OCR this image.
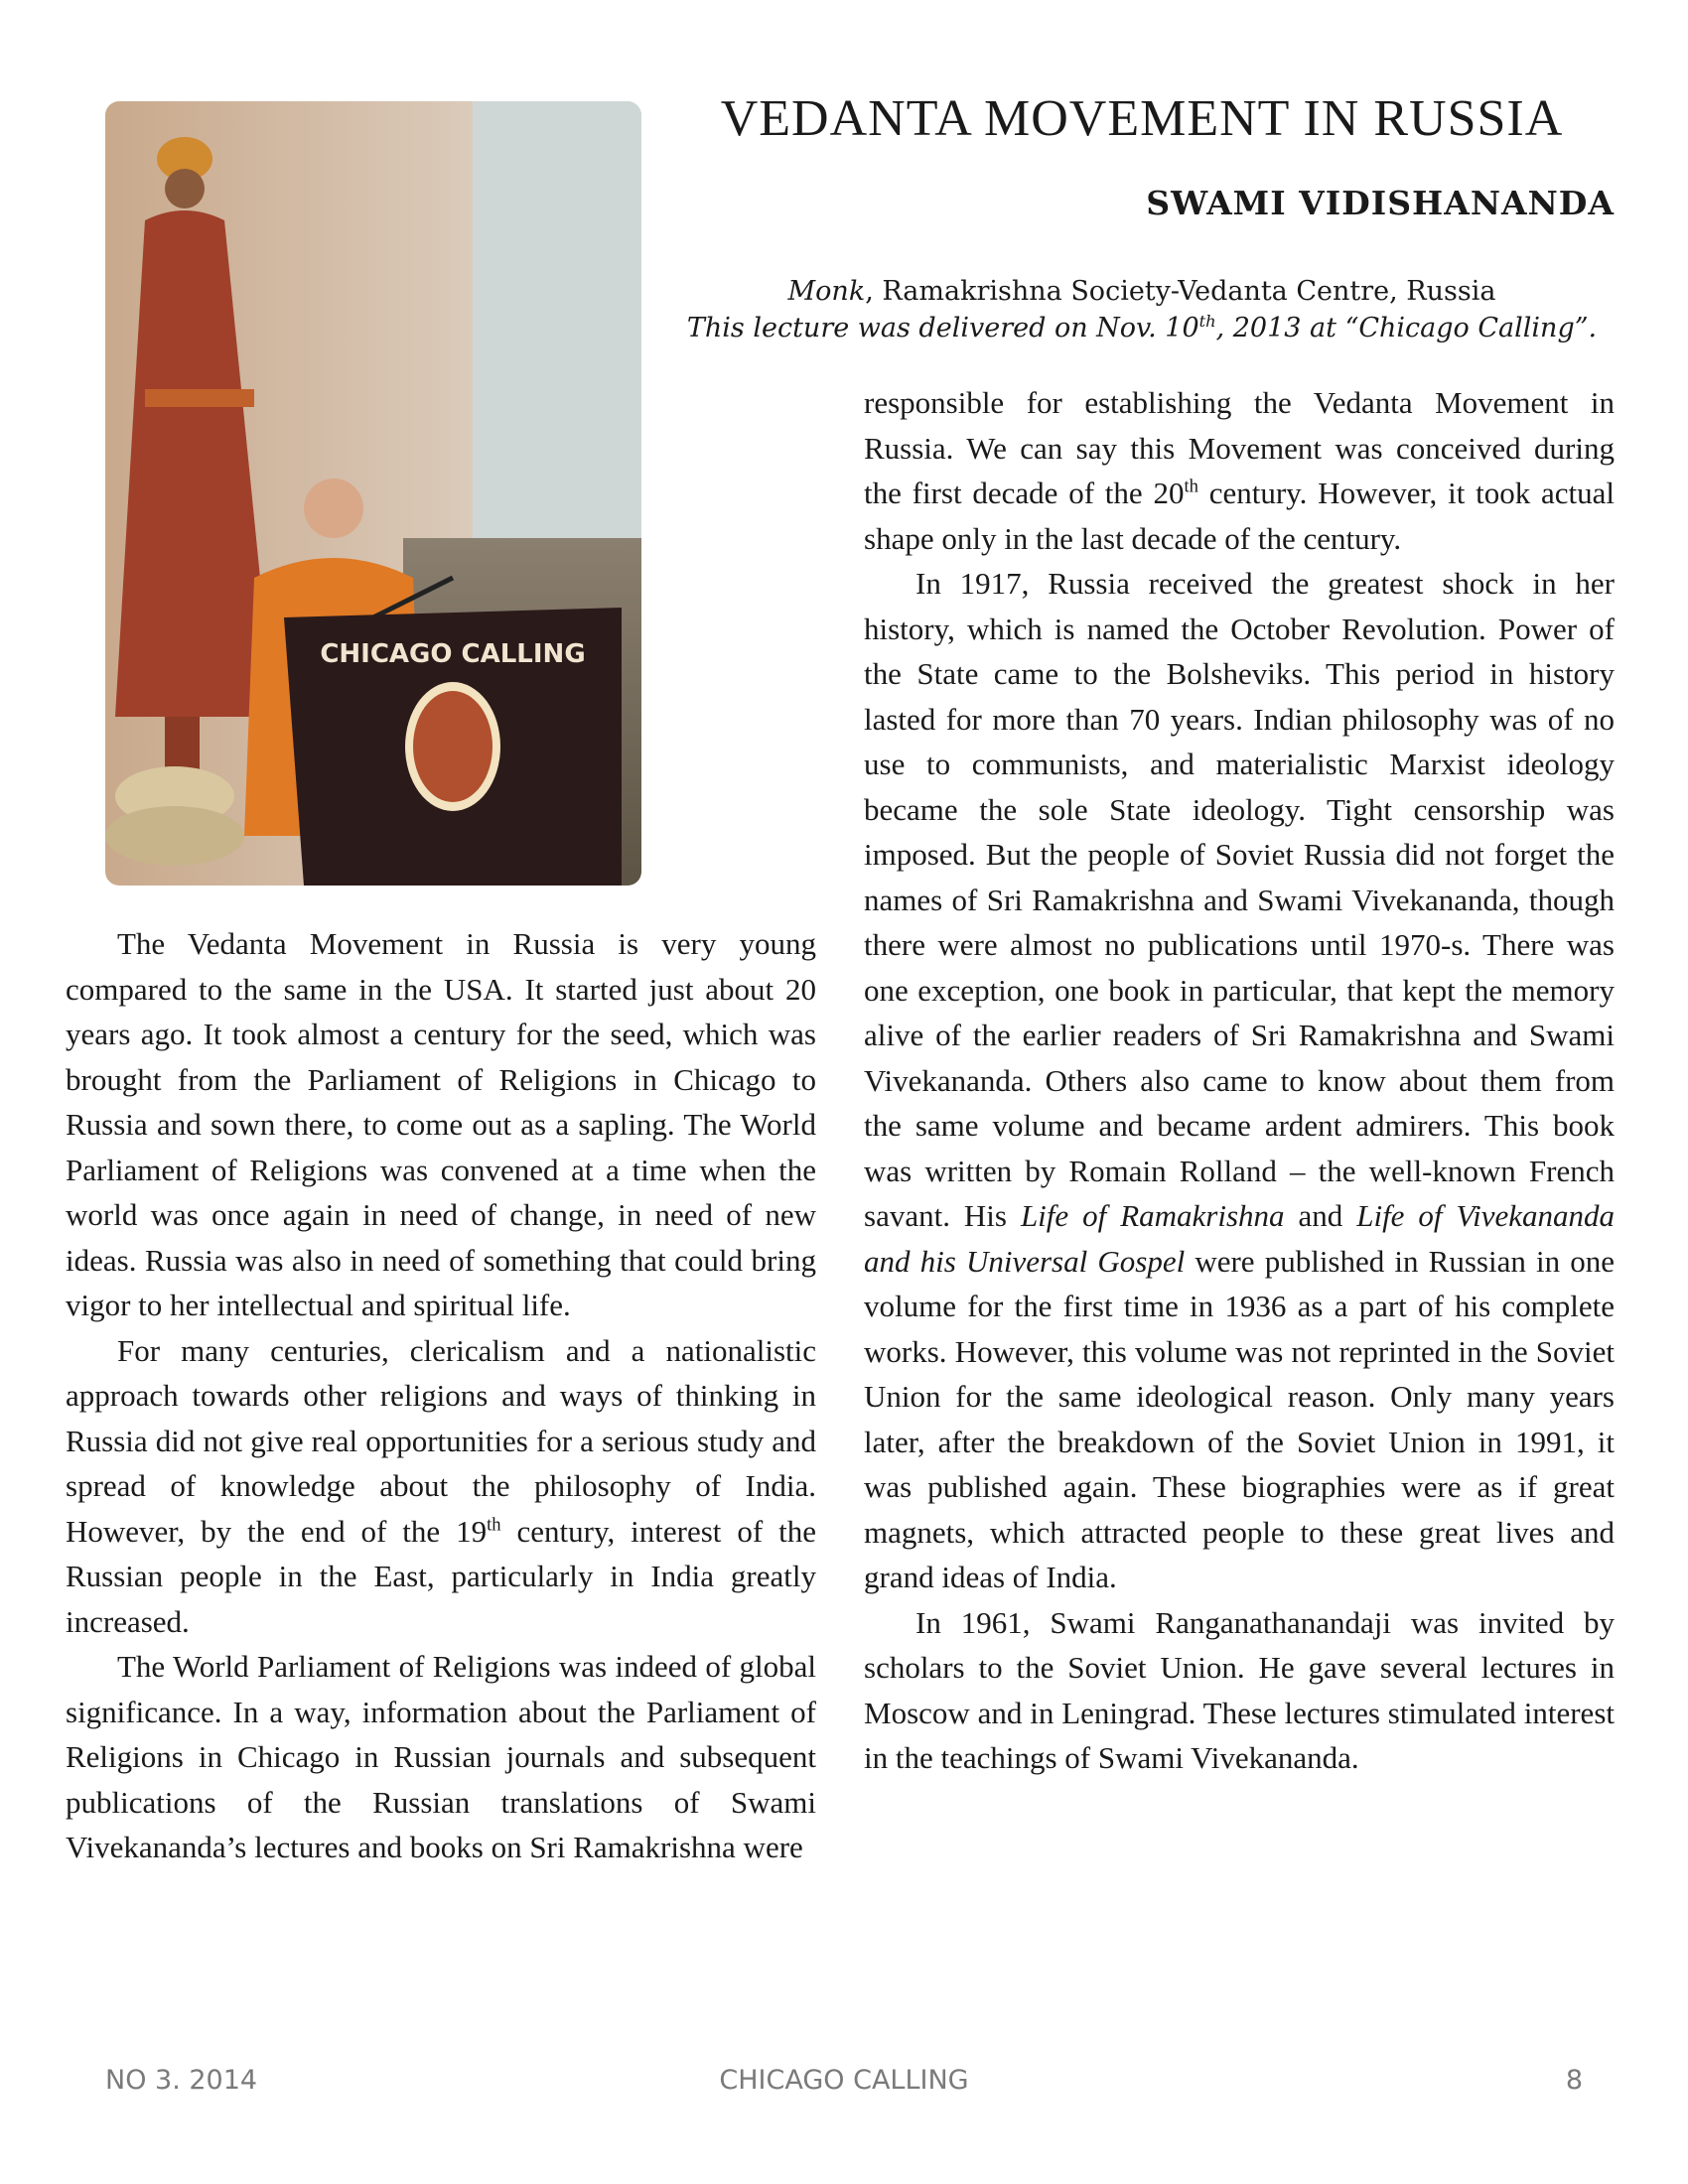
VEDANTA MOVEMENT IN RUSSIA
SWAMI VIDISHANANDA
Monk, Ramakrishna Society-Vedanta Centre, Russia
This lecture was delivered on Nov. 10th, 2013 at “Chicago Calling”.
CHICAGO CALLING

The Vedanta Movement in Russia is very young compared to the same in the USA. It started just about 20 years ago. It took almost a century for the seed, which was brought from the Parliament of Religions in Chicago to Russia and sown there, to come out as a sapling. The World Parliament of Religions was convened at a time when the world was once again in need of change, in need of new ideas. Russia was also in need of something that could bring vigor to her intellectual and spiritual life.

For many centuries, clericalism and a nationalistic approach towards other religions and ways of thinking in Russia did not give real opportunities for a serious study and spread of knowledge about the philosophy of India. However, by the end of the 19th century, interest of the Russian people in the East, particularly in India greatly increased.

The World Parliament of Religions was indeed of global significance. In a way, information about the Parliament of Religions in Chicago in Russian journals and subsequent publications of the Russian translations of Swami Vivekananda’s lectures and books on Sri Ramakrishna were

responsible for establishing the Vedanta Movement in Russia. We can say this Movement was conceived during the first decade of the 20th century. However, it took actual shape only in the last decade of the century.

In 1917, Russia received the greatest shock in her history, which is named the October Revolution. Power of the State came to the Bolsheviks. This period in history lasted for more than 70 years. Indian philosophy was of no use to communists, and materialistic Marxist ideology became the sole State ideology. Tight censorship was imposed. But the people of Soviet Russia did not forget the names of Sri Ramakrishna and Swami Vivekananda, though there were almost no publications until 1970-s. There was one exception, one book in particular, that kept the memory alive of the earlier readers of Sri Ramakrishna and Swami Vivekananda. Others also came to know about them from the same volume and became ardent admirers. This book was written by Romain Rolland – the well-known French savant. His Life of Ramakrishna and Life of Vivekananda and his Universal Gospel were published in Russian in one volume for the first time in 1936 as a part of his complete works. However, this volume was not reprinted in the Soviet Union for the same ideological reason. Only many years later, after the breakdown of the Soviet Union in 1991, it was published again. These biographies were as if great magnets, which attracted people to these great lives and grand ideas of India.

In 1961, Swami Ranganathanandaji was invited by scholars to the Soviet Union. He gave several lectures in Moscow and in Leningrad. These lectures stimulated interest in the teachings of Swami Vivekananda.

NO 3. 2014	CHICAGO CALLING	8
